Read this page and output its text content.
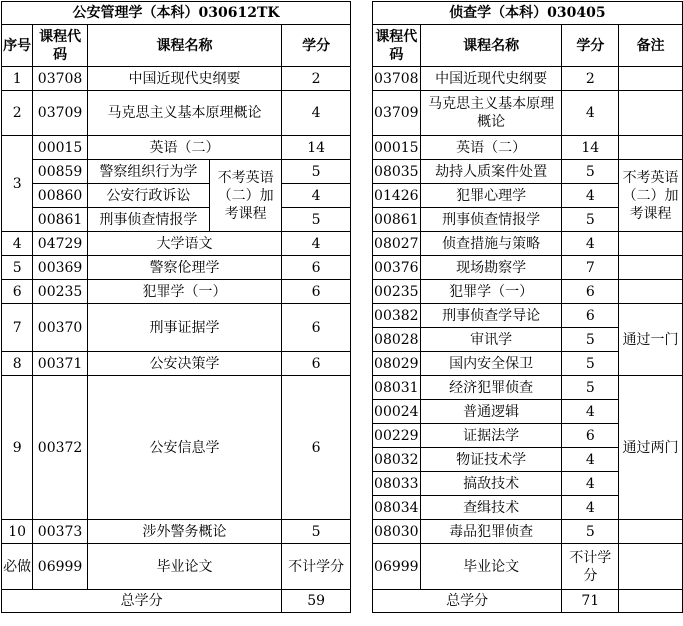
公安管理学（本科）030612TK						侦查学（本科）030405			
序号	课程代码	课程名称		学分		课程代码	课程名称	学分	备注
1	03708	中国近现代史纲要		2		03708	中国近现代史纲要	2	
2	03709	马克思主义基本原理概论		4		03709	马克思主义基本原理概论	4	
3	00015	英语（二）		14		00015	英语（二）	14	
	00859	警察组织行为学	不考英语（二）加考课程	5		08035	劫持人质案件处置	5	不考英语（二）加考课程
	00860	公安行政诉讼		4		01426	犯罪心理学	4	
	00861	刑事侦查情报学		5		00861	刑事侦查情报学	5	
4	04729	大学语文		4		08027	侦查措施与策略	4	
5	00369	警察伦理学		6		00376	现场勘察学	7	
6	00235	犯罪学（一）		6		00235	犯罪学（一）	6	
7	00370	刑事证据学		6		00382	刑事侦查学导论	6	通过一门
						08028	审讯学	5	
8	00371	公安决策学		6		08029	国内安全保卫	5	
9	00372	公安信息学		6		08031	经济犯罪侦查	5	通过两门
						00024	普通逻辑	4	
						00229	证据法学	6	
						08032	物证技术学	4	
						08033	搞敌技术	4	
						08034	查缉技术	4	
10	00373	涉外警务概论		5		08030	毒品犯罪侦查	5	
必做	06999	毕业论文		不计学分		06999	毕业论文	不计学分	
总学分				59		总学分		71	
